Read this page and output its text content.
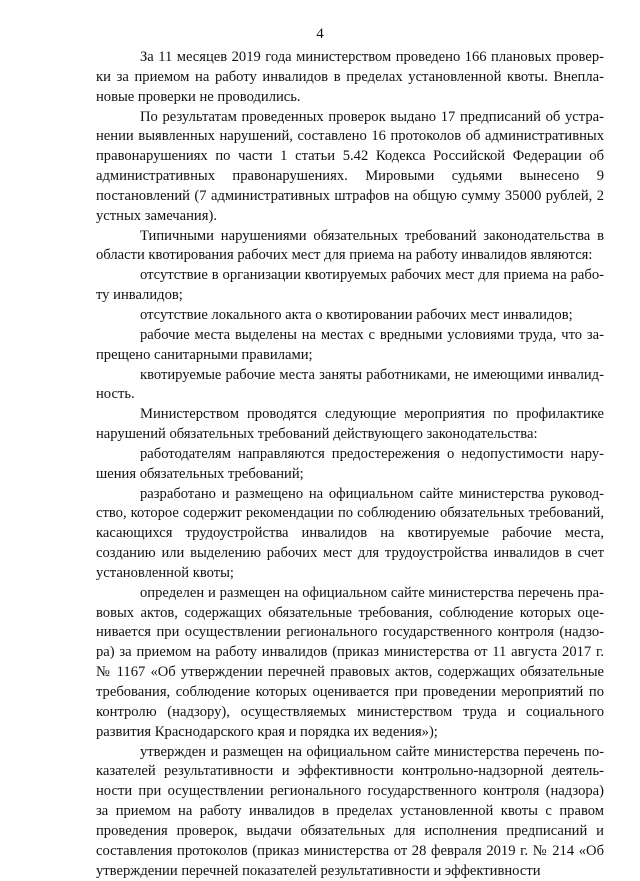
4

За 11 месяцев 2019 года министерством проведено 166 плановых проверки за приемом на работу инвалидов в пределах установленной квоты. Внеплановые проверки не проводились.

По результатам проведенных проверок выдано 17 предписаний об устранении выявленных нарушений, составлено 16 протоколов об административных правонарушениях по части 1 статьи 5.42 Кодекса Российской Федерации об административных правонарушениях. Мировыми судьями вынесено 9 постановлений (7 административных штрафов на общую сумму 35000 рублей, 2 устных замечания).

Типичными нарушениями обязательных требований законодательства в области квотирования рабочих мест для приема на работу инвалидов являются:

отсутствие в организации квотируемых рабочих мест для приема на работу инвалидов;

отсутствие локального акта о квотировании рабочих мест инвалидов;

рабочие места выделены на местах с вредными условиями труда, что запрещено санитарными правилами;

квотируемые рабочие места заняты работниками, не имеющими инвалидность.

Министерством проводятся следующие мероприятия по профилактике нарушений обязательных требований действующего законодательства:

работодателям направляются предостережения о недопустимости нарушения обязательных требований;

разработано и размещено на официальном сайте министерства руководство, которое содержит рекомендации по соблюдению обязательных требований, касающихся трудоустройства инвалидов на квотируемые рабочие места, созданию или выделению рабочих мест для трудоустройства инвалидов в счет установленной квоты;

определен и размещен на официальном сайте министерства перечень правовых актов, содержащих обязательные требования, соблюдение которых оценивается при осуществлении регионального государственного контроля (надзора) за приемом на работу инвалидов (приказ министерства от 11 августа 2017 г. № 1167 «Об утверждении перечней правовых актов, содержащих обязательные требования, соблюдение которых оценивается при проведении мероприятий по контролю (надзору), осуществляемых министерством труда и социального развития Краснодарского края и порядка их ведения»);

утвержден и размещен на официальном сайте министерства перечень показателей результативности и эффективности контрольно-надзорной деятельности при осуществлении регионального государственного контроля (надзора) за приемом на работу инвалидов в пределах установленной квоты с правом проведения проверок, выдачи обязательных для исполнения предписаний и составления протоколов (приказ министерства от 28 февраля 2019 г. № 214 «Об утверждении перечней показателей результативности и эффективности
